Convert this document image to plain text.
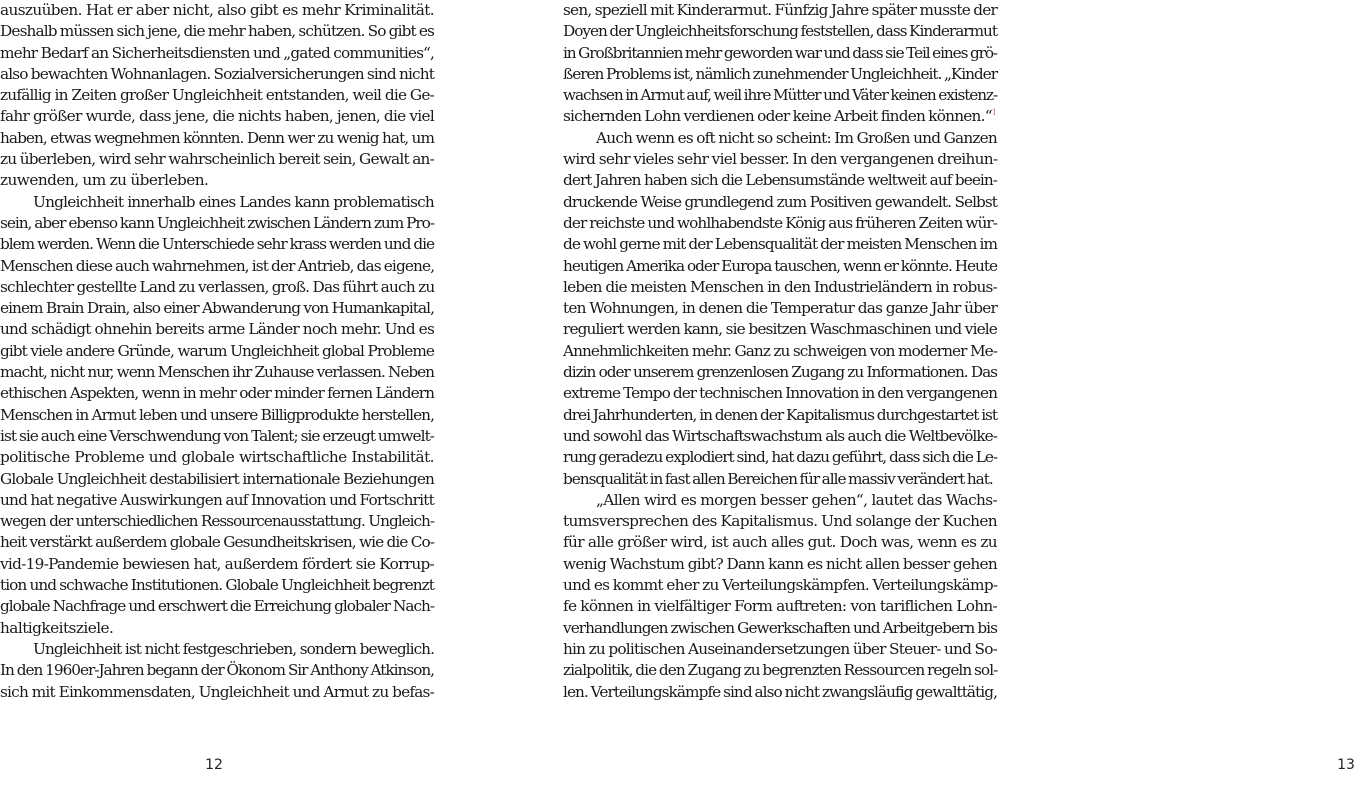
auszuüben. Hat er aber nicht, also gibt es mehr Kriminalität.
Deshalb müssen sich jene, die mehr haben, schützen. So gibt es
mehr Bedarf an Sicherheitsdiensten und „gated communities“,
also bewachten Wohnanlagen. Sozialversicherungen sind nicht
zufällig in Zeiten großer Ungleichheit entstanden, weil die Ge-
fahr größer wurde, dass jene, die nichts haben, jenen, die viel
haben, etwas wegnehmen könnten. Denn wer zu wenig hat, um
zu überleben, wird sehr wahrscheinlich bereit sein, Gewalt an-
zuwenden, um zu überleben.
Ungleichheit innerhalb eines Landes kann problematisch
sein, aber ebenso kann Ungleichheit zwischen Ländern zum Pro-
blem werden. Wenn die Unterschiede sehr krass werden und die
Menschen diese auch wahrnehmen, ist der Antrieb, das eigene,
schlechter gestellte Land zu verlassen, groß. Das führt auch zu
einem Brain Drain, also einer Abwanderung von Humankapital,
und schädigt ohnehin bereits arme Länder noch mehr. Und es
gibt viele andere Gründe, warum Ungleichheit global Probleme
macht, nicht nur, wenn Menschen ihr Zuhause verlassen. Neben
ethischen Aspekten, wenn in mehr oder minder fernen Ländern
Menschen in Armut leben und unsere Billigprodukte herstellen,
ist sie auch eine Verschwendung von Talent; sie erzeugt umwelt-
politische Probleme und globale wirtschaftliche Instabilität.
Globale Ungleichheit destabilisiert internationale Beziehungen
und hat negative Auswirkungen auf Innovation und Fortschritt
wegen der unterschiedlichen Ressourcenausstattung. Ungleich-
heit verstärkt außerdem globale Gesundheitskrisen, wie die Co-
vid-19-Pandemie bewiesen hat, außerdem fördert sie Korrup-
tion und schwache Institutionen. Globale Ungleichheit begrenzt
globale Nachfrage und erschwert die Erreichung globaler Nach-
haltigkeitsziele.
Ungleichheit ist nicht festgeschrieben, sondern beweglich.
In den 1960er-Jahren begann der Ökonom Sir Anthony Atkinson,
sich mit Einkommensdaten, Ungleichheit und Armut zu befas-
12
sen, speziell mit Kinderarmut. Fünfzig Jahre später musste der
Doyen der Ungleichheitsforschung feststellen, dass Kinderarmut
in Großbritannien mehr geworden war und dass sie Teil eines grö-
ßeren Problems ist, nämlich zunehmender Ungleichheit. „Kinder
wachsen in Armut auf, weil ihre Mütter und Väter keinen existenz-
sichernden Lohn verdienen oder keine Arbeit finden können.“$^1$
Auch wenn es oft nicht so scheint: Im Großen und Ganzen
wird sehr vieles sehr viel besser. In den vergangenen dreihun-
dert Jahren haben sich die Lebensumstände weltweit auf beein-
druckende Weise grundlegend zum Positiven gewandelt. Selbst
der reichste und wohlhabendste König aus früheren Zeiten wür-
de wohl gerne mit der Lebensqualität der meisten Menschen im
heutigen Amerika oder Europa tauschen, wenn er könnte. Heute
leben die meisten Menschen in den Industrieländern in robus-
ten Wohnungen, in denen die Temperatur das ganze Jahr über
reguliert werden kann, sie besitzen Waschmaschinen und viele
Annehmlichkeiten mehr. Ganz zu schweigen von moderner Me-
dizin oder unserem grenzenlosen Zugang zu Informationen. Das
extreme Tempo der technischen Innovation in den vergangenen
drei Jahrhunderten, in denen der Kapitalismus durchgestartet ist
und sowohl das Wirtschaftswachstum als auch die Weltbevölke-
rung geradezu explodiert sind, hat dazu geführt, dass sich die Le-
bensqualität in fast allen Bereichen für alle massiv verändert hat.
„Allen wird es morgen besser gehen“, lautet das Wachs-
tumsversprechen des Kapitalismus. Und solange der Kuchen
für alle größer wird, ist auch alles gut. Doch was, wenn es zu
wenig Wachstum gibt? Dann kann es nicht allen besser gehen
und es kommt eher zu Verteilungskämpfen. Verteilungskämp-
fe können in vielfältiger Form auftreten: von tariflichen Lohn-
verhandlungen zwischen Gewerkschaften und Arbeitgebern bis
hin zu politischen Auseinandersetzungen über Steuer- und So-
zialpolitik, die den Zugang zu begrenzten Ressourcen regeln sol-
len. Verteilungskämpfe sind also nicht zwangsläufig gewalttätig,
13
